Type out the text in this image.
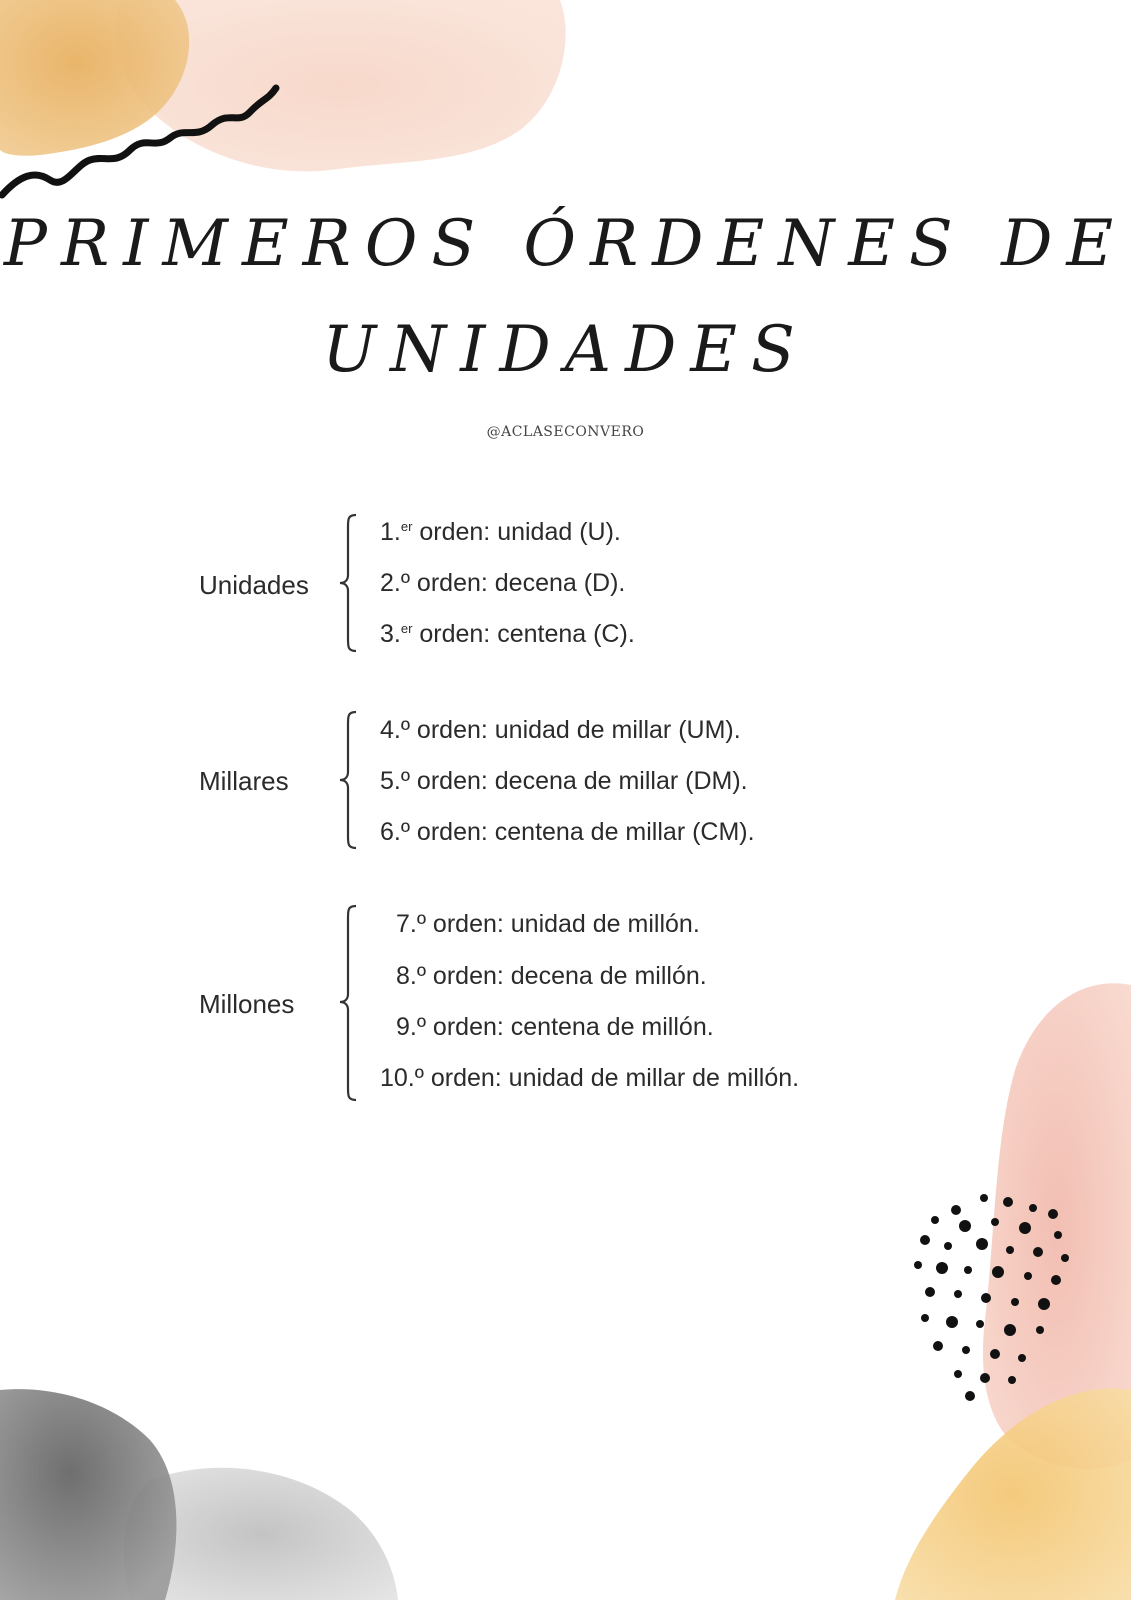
PRIMEROS ÓRDENES DE
UNIDADES
@ACLASECONVERO
Unidades
1.$^{er}$ orden: unidad (U).
2.º orden: decena (D).
3.$^{er}$ orden: centena (C).
Millares
4.º orden: unidad de millar (UM).
5.º orden: decena de millar (DM).
6.º orden: centena de millar (CM).
Millones
7.º orden: unidad de millón.
8.º orden: decena de millón.
9.º orden: centena de millón.
10.º orden: unidad de millar de millón.
